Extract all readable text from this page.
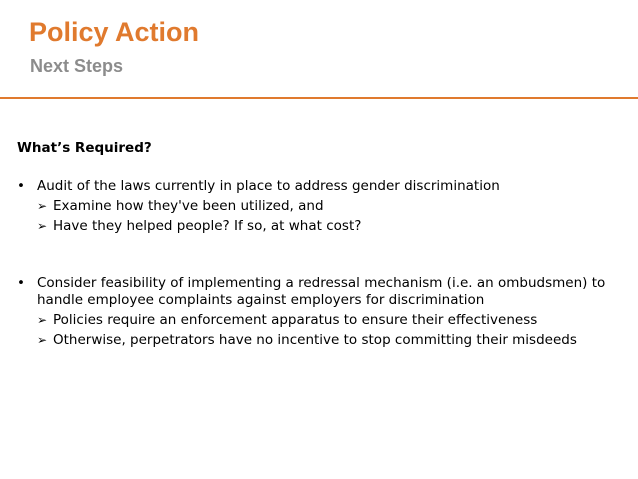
Policy Action
Next Steps
What’s Required?
• Audit of the laws currently in place to address gender discrimination
➢ Examine how they've been utilized, and
➢ Have they helped people? If so, at what cost?
• Consider feasibility of implementing a redressal mechanism (i.e. an ombudsmen) to handle employee complaints against employers for discrimination
➢ Policies require an enforcement apparatus to ensure their effectiveness
➢ Otherwise, perpetrators have no incentive to stop committing their misdeeds
